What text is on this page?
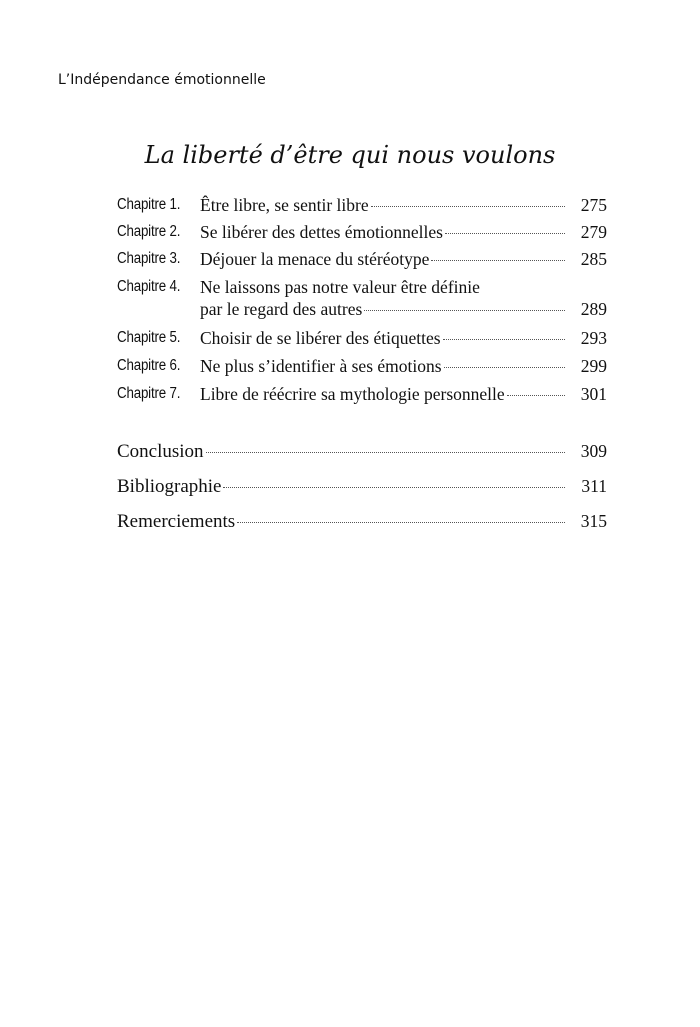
L’Indépendance émotionnelle
La liberté d’être qui nous voulons
Chapitre 1. Être libre, se sentir libre	275
Chapitre 2. Se libérer des dettes émotionnelles	279
Chapitre 3. Déjouer la menace du stéréotype	285
Chapitre 4. Ne laissons pas notre valeur être définie
par le regard des autres	289
Chapitre 5. Choisir de se libérer des étiquettes	293
Chapitre 6. Ne plus s’identifier à ses émotions	299
Chapitre 7. Libre de réécrire sa mythologie personnelle	301
Conclusion	309
Bibliographie	311
Remerciements	315
